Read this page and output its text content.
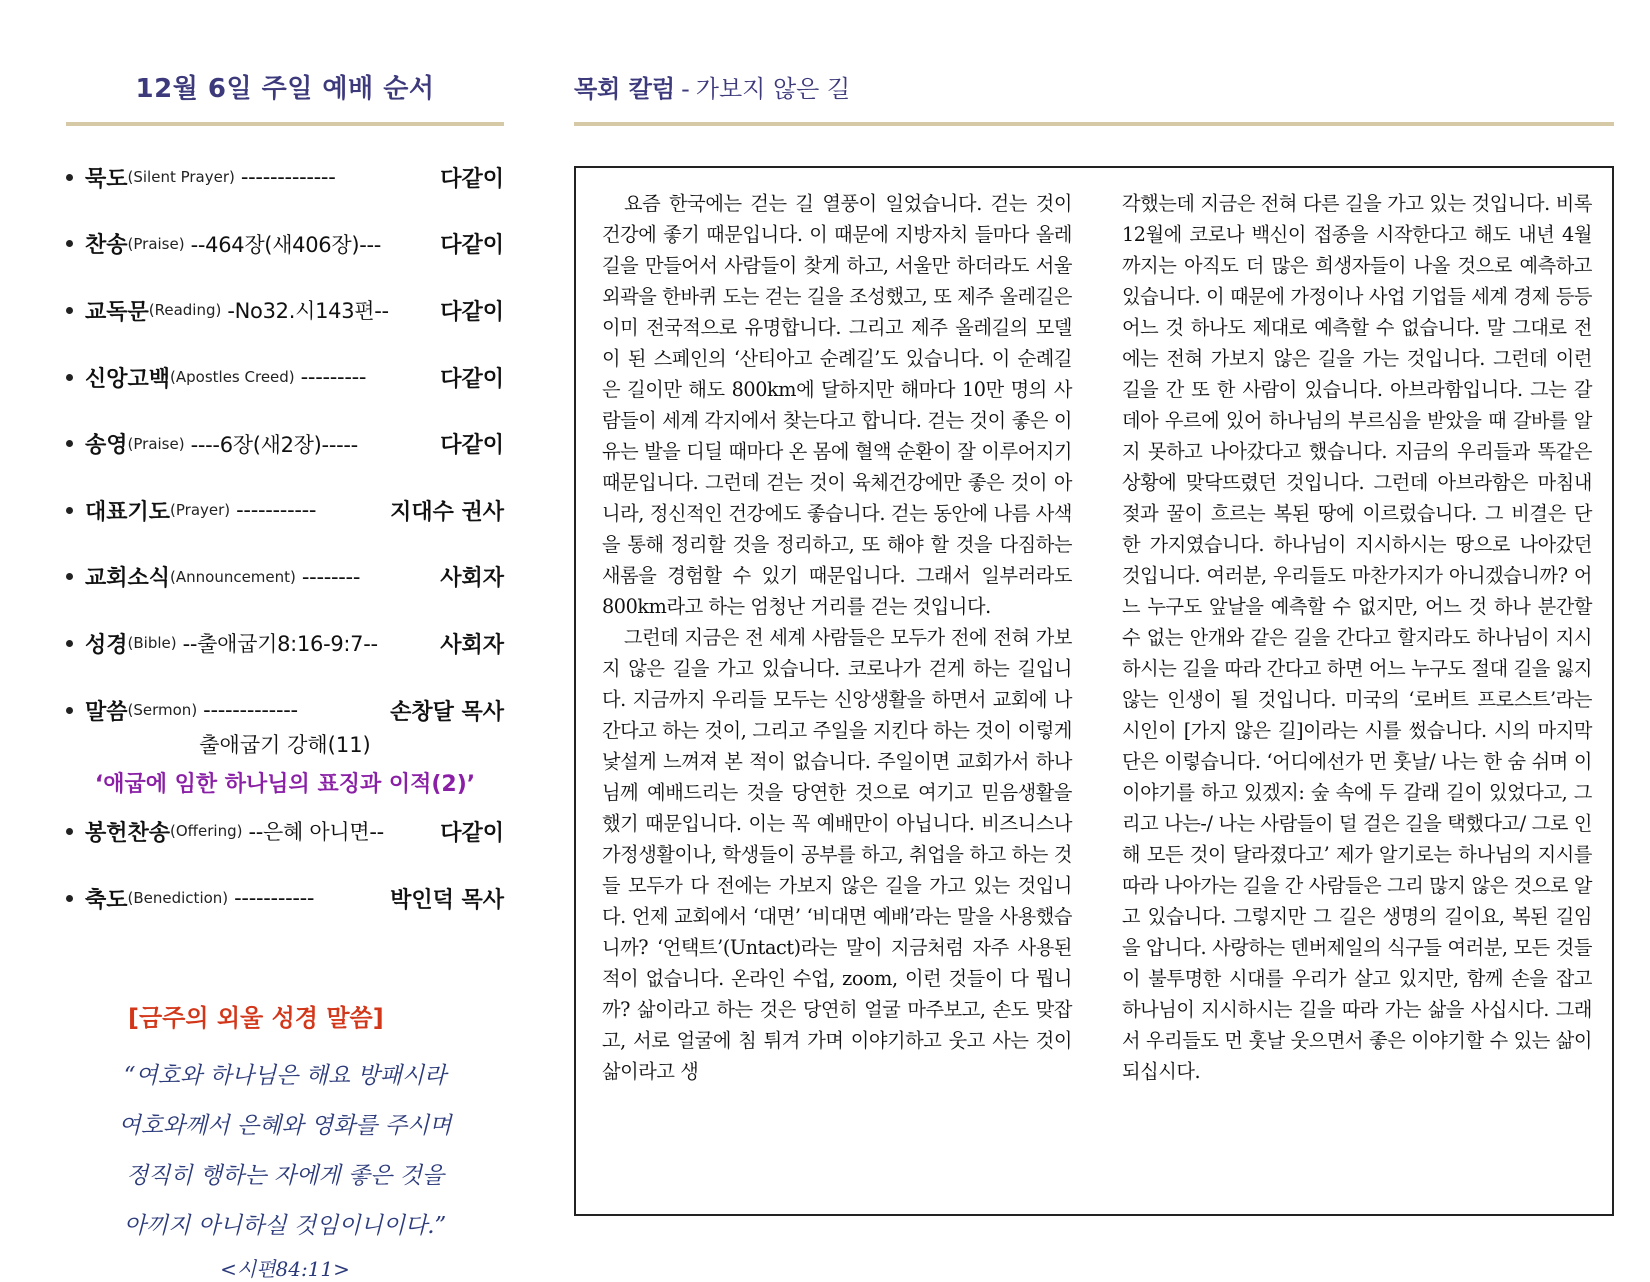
12월 6일 주일 예배 순서
묵도 (Silent Prayer) -------------	다같이
찬송 (Praise) --464장(새406장)---	다같이
교독문 (Reading) -No32.시143편--	다같이
신앙고백 (Apostles Creed) ---------	다같이
송영 (Praise) ----6장(새2장)-----	다같이
대표기도 (Prayer) -----------	지대수 권사
교회소식 (Announcement) --------	사회자
성경 (Bible) --출애굽기8:16-9:7--	사회자
말씀 (Sermon) -------------	손창달 목사
출애굽기 강해(11)
‘애굽에 임한 하나님의 표징과 이적(2)’
봉헌찬송 (Offering) --은혜 아니면--	다같이
축도 (Benediction) -----------	박인덕 목사
[금주의 외울 성경 말씀]
“여호와 하나님은 해요 방패시라
여호와께서 은혜와 영화를 주시며
정직히 행하는 자에게 좋은 것을
아끼지 아니하실 것임이니이다.”
<시편84:11>
목회 칼럼 - 가보지 않은 길

요즘 한국에는 걷는 길 열풍이 일었습니다. 걷는 것이 건강에 좋기 때문입니다. 이 때문에 지방자치 들마다 올레길을 만들어서 사람들이 찾게 하고, 서울만 하더라도 서울 외곽을 한바퀴 도는 걷는 길을 조성했고, 또 제주 올레길은 이미 전국적으로 유명합니다. 그리고 제주 올레길의 모델이 된 스페인의 ‘산티아고 순례길’도 있습니다. 이 순례길은 길이만 해도 800km에 달하지만 해마다 10만 명의 사람들이 세계 각지에서 찾는다고 합니다. 걷는 것이 좋은 이유는 발을 디딜 때마다 온 몸에 혈액 순환이 잘 이루어지기 때문입니다. 그런데 걷는 것이 육체건강에만 좋은 것이 아니라, 정신적인 건강에도 좋습니다. 걷는 동안에 나름 사색을 통해 정리할 것을 정리하고, 또 해야 할 것을 다짐하는 새롬을 경험할 수 있기 때문입니다. 그래서 일부러라도 800km라고 하는 엄청난 거리를 걷는 것입니다.

그런데 지금은 전 세계 사람들은 모두가 전에 전혀 가보지 않은 길을 가고 있습니다. 코로나가 걷게 하는 길입니다. 지금까지 우리들 모두는 신앙생활을 하면서 교회에 나간다고 하는 것이, 그리고 주일을 지킨다 하는 것이 이렇게 낯설게 느껴져 본 적이 없습니다. 주일이면 교회가서 하나님께 예배드리는 것을 당연한 것으로 여기고 믿음생활을 했기 때문입니다. 이는 꼭 예배만이 아닙니다. 비즈니스나 가정생활이나, 학생들이 공부를 하고, 취업을 하고 하는 것들 모두가 다 전에는 가보지 않은 길을 가고 있는 것입니다. 언제 교회에서 ‘대면’ ‘비대면 예배’라는 말을 사용했습니까? ‘언택트’(Untact)라는 말이 지금처럼 자주 사용된 적이 없습니다. 온라인 수업, zoom, 이런 것들이 다 뭡니까? 삶이라고 하는 것은 당연히 얼굴 마주보고, 손도 맞잡고, 서로 얼굴에 침 튀겨 가며 이야기하고 웃고 사는 것이 삶이라고 생

각했는데 지금은 전혀 다른 길을 가고 있는 것입니다. 비록 12월에 코로나 백신이 접종을 시작한다고 해도 내년 4월까지는 아직도 더 많은 희생자들이 나올 것으로 예측하고 있습니다. 이 때문에 가정이나 사업 기업들 세계 경제 등등 어느 것 하나도 제대로 예측할 수 없습니다. 말 그대로 전에는 전혀 가보지 않은 길을 가는 것입니다. 그런데 이런 길을 간 또 한 사람이 있습니다. 아브라함입니다. 그는 갈데아 우르에 있어 하나님의 부르심을 받았을 때 갈바를 알지 못하고 나아갔다고 했습니다. 지금의 우리들과 똑같은 상황에 맞닥뜨렸던 것입니다. 그런데 아브라함은 마침내 젖과 꿀이 흐르는 복된 땅에 이르렀습니다. 그 비결은 단 한 가지였습니다. 하나님이 지시하시는 땅으로 나아갔던 것입니다. 여러분, 우리들도 마찬가지가 아니겠습니까? 어느 누구도 앞날을 예측할 수 없지만, 어느 것 하나 분간할 수 없는 안개와 같은 길을 간다고 할지라도 하나님이 지시하시는 길을 따라 간다고 하면 어느 누구도 절대 길을 잃지 않는 인생이 될 것입니다. 미국의 ‘로버트 프로스트’라는 시인이 [가지 않은 길]이라는 시를 썼습니다. 시의 마지막단은 이렇습니다. ‘어디에선가 먼 훗날/ 나는 한 숨 쉬며 이 이야기를 하고 있겠지: 숲 속에 두 갈래 길이 있었다고, 그리고 나는-/ 나는 사람들이 덜 걸은 길을 택했다고/ 그로 인해 모든 것이 달라졌다고’ 제가 알기로는 하나님의 지시를 따라 나아가는 길을 간 사람들은 그리 많지 않은 것으로 알고 있습니다. 그렇지만 그 길은 생명의 길이요, 복된 길임을 압니다. 사랑하는 덴버제일의 식구들 여러분, 모든 것들이 불투명한 시대를 우리가 살고 있지만, 함께 손을 잡고 하나님이 지시하시는 길을 따라 가는 삶을 사십시다. 그래서 우리들도 먼 훗날 웃으면서 좋은 이야기할 수 있는 삶이 되십시다.
